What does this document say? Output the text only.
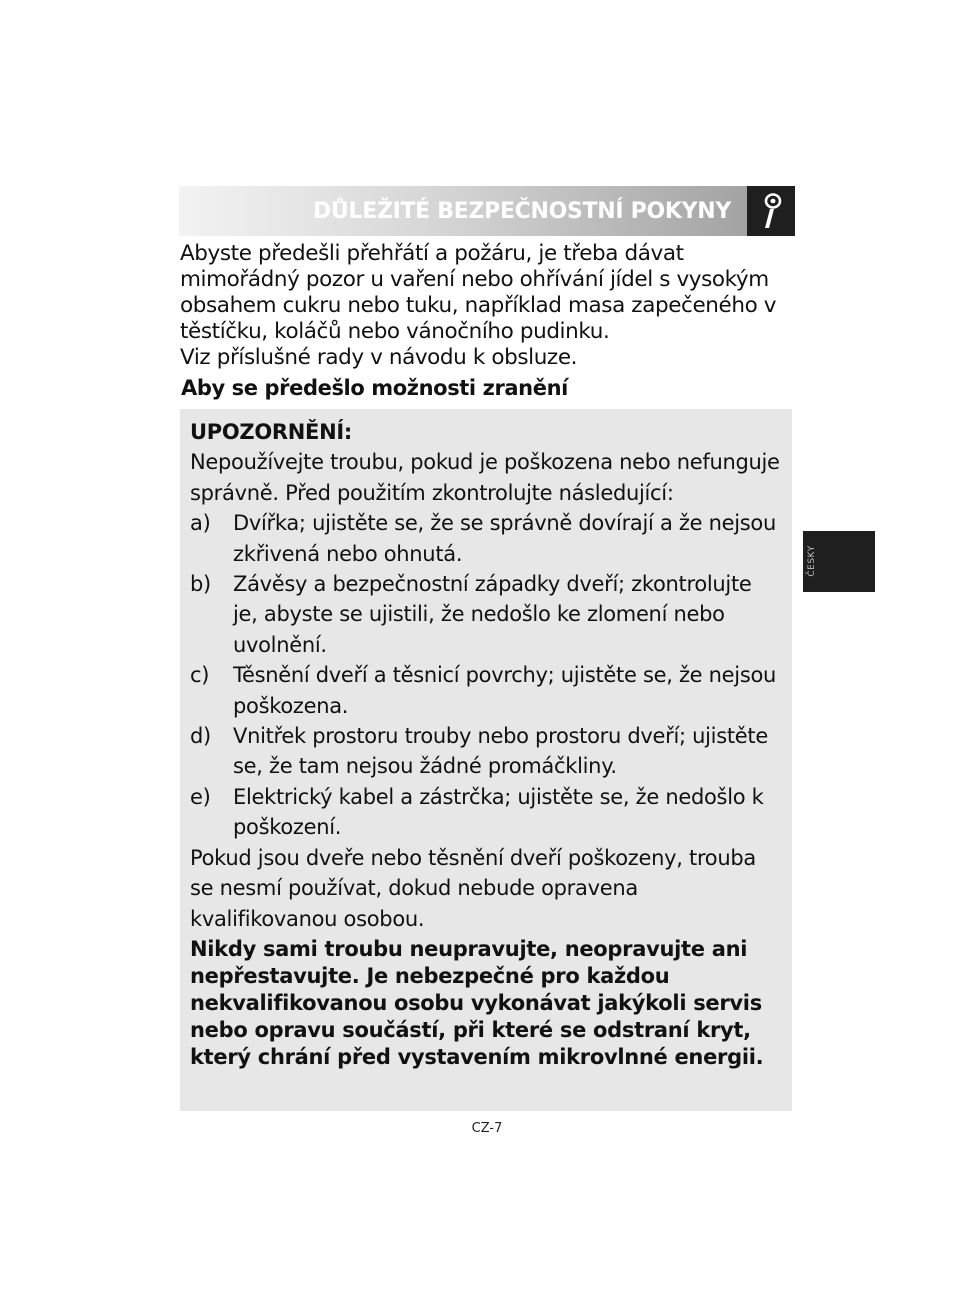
DŮLEŽITÉ BEZPEČNOSTNÍ POKYNY

Abyste předešli přehřátí a požáru, je třeba dávat mimořádný pozor u vaření nebo ohřívání jídel s vysokým obsahem cukru nebo tuku, například masa zapečeného v těstíčku, koláčů nebo vánočního pudinku.

Viz příslušné rady v návodu k obsluze.

Aby se předešlo možnosti zranění

UPOZORNĚNÍ:

Nepoužívejte troubu, pokud je poškozena nebo nefunguje správně. Před použitím zkontrolujte následující:

a)	Dvířka; ujistěte se, že se správně dovírají a že nejsou zkřivená nebo ohnutá.
b)	Závěsy a bezpečnostní západky dveří; zkontrolujte je, abyste se ujistili, že nedošlo ke zlomení nebo uvolnění.
c)	Těsnění dveří a těsnicí povrchy; ujistěte se, že nejsou poškozena.
d)	Vnitřek prostoru trouby nebo prostoru dveří; ujistěte se, že tam nejsou žádné promáčkliny.
e)	Elektrický kabel a zástrčka; ujistěte se, že nedošlo k poškození.

Pokud jsou dveře nebo těsnění dveří poškozeny, trouba se nesmí používat, dokud nebude opravena kvalifikovanou osobou.

Nikdy sami troubu neupravujte, neopravujte ani nepřestavujte. Je nebezpečné pro každou nekvalifikovanou osobu vykonávat jakýkoli servis nebo opravu součástí, při které se odstraní kryt, který chrání před vystavením mikrovlnné energii.

ČESKY
CZ-7
